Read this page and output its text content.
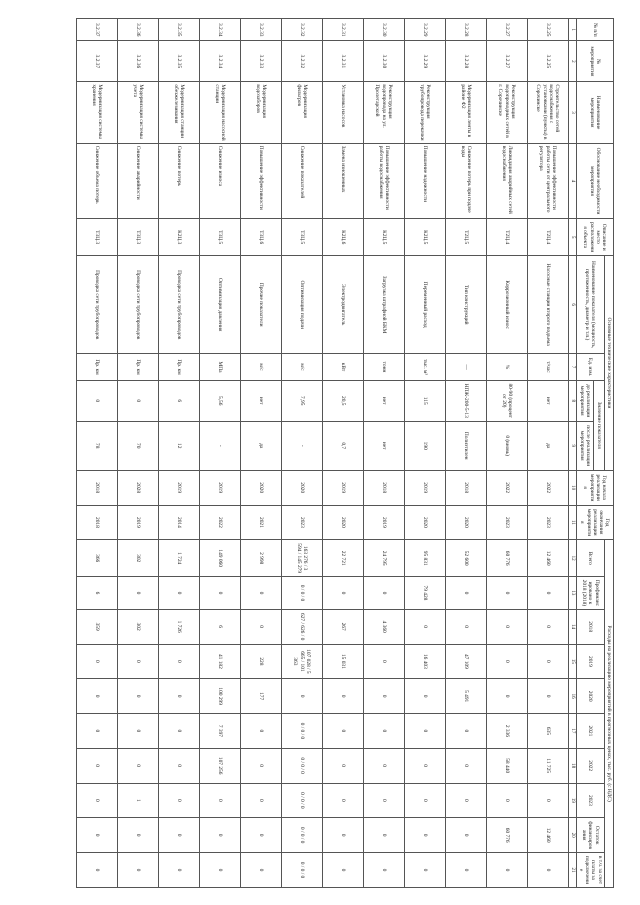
№ п/п	№ мероприятия	Наименование мероприятия	Обоснование необходимости мероприятия	Описание и место расположения объекта	Основные технические характеристики				Год начала реализации мероприятия	Год окончания реализации мероприятия	Расходы на реализацию мероприятий в прогнозных ценах, тыс. руб. (с НДС)									
					Наименование показателя (мощность, протяженность, диаметр и т.п.)	Ед. изм.	Значение показателя				Всего	Профинансировано к 2018 (2018)	2018	2019	2020	2021	2022	2023	Остаток финансирования	в т.ч. за счет платы за подключение
							до реализации мероприятия	после реализации мероприятия												
1	2	3	4	5	6	7	8	9	10	11	12	13	14	15	16	17	18	19	20	21
3.2.25	3.2.25	Строительство сетей водоснабжения с установками (пункты) в Сорочинске	Повышение эффективности работы сети от центрального регулятора	Т2Ц.4	Насосные станции второго подъема	т/час	нет	да	2022	2023	12 460	0	0	0	0	635	11 725	0	12 460	0
3.2.27	3.2.27	Реконструкция водопроводных сетей в г. Сорочинске	Ликвидация аварийных сетей водоснабжения	Т2Ц.4	Коррозионный износ	%	80-90 (процент от 20)	0 (вновь)	2022	2023	60 776	0	0	0	0	2 336	58 440	0	60 776	0
3.2.28	3.2.28	Модернизация ленты в районе Ф2	Снижение потерь при подаче воды	Т2Ц.5	Тип конструкций	—	НПЖ-200-5-13	Полиэтилен	2018	2020	52 600	0	0	47 109	5 491	0	0	0	0	0
3.2.29	3.2.29	Реконструкция трубопровода перекачки	Повышение надежности	К2Ц.5	Переменный расход	тыс. м³	115	190	2019	2020	95 831	79 428	0	16 403	0	0	0	0	0	0
3.2.30	3.2.30	Реконструкция водопровода на ул. Пролетарской	Повышение эффективности работы водоснабжения	К2Ц.5	Загрузка штрафной БКМ	тонн	нет	нет	2018	2019	24 795	0	4 360	0	0	0	0	0	0	0
3.2.31	3.2.31	Установка насосов	Замена изношенных	К2Ц.6	Электродвигатель	кВт	20,5	0,7	2019	2020	22 721	0	267	15 031	0	0	0	0	0	0
3.2.32	3.2.32	Модернизация фильтров	Снижение показателей	Т3Ц.5	Оптимизация подачи	м/с	7,95	-	2020	2023	163 276 / 3 594 / 145 279	0 / 0 / 0	627 / 626 / 0	107 028 / 5 665 / 101 363	0	0 / 0 / 0	0 / 0 / 0	0 / 0 / 0	0 / 0 / 0	0 / 0 / 0
3.2.33	3.2.33	Модернизация водозаборов	Повышение эффективности	Т3Ц.6	Прочие показатели	м/с	нет	да	2020	2021	2 998	0	0	228	177	0	0	0	0	0
3.2.34	3.2.34	Модернизация насосной станции	Снижение износа	Т3Ц.5	Оптимизация давления	МПа	5,56	-	2019	2022	149 060	0	6	41 182	100 299	7 397	107 256	0	0	0
3.2.35	3.2.35	Модернизация станции обезжелезивания	Снижение потерь	К2Ц.3	Проводка сети трубопроводов	Пр. км	6	12	2019	2014	1 724	0	1 726	0	0	0	0	0	0	0
3.2.36	3.2.36	Модернизация системы учета	Снижение аварийности	Т3Ц.3	Проводка сети трубопроводов	Пр. км	0	70	2028	2019	302	0	302	0	0	0	0	1	0	0
3.2.37	3.2.37	Модернизация системы хранения	Снижение объема потерь	Т3Ц.3	Проводка сети трубопроводов	Пр. км	0	78	2018	2018	366	6	359	0	0	0	0	0	0	0
